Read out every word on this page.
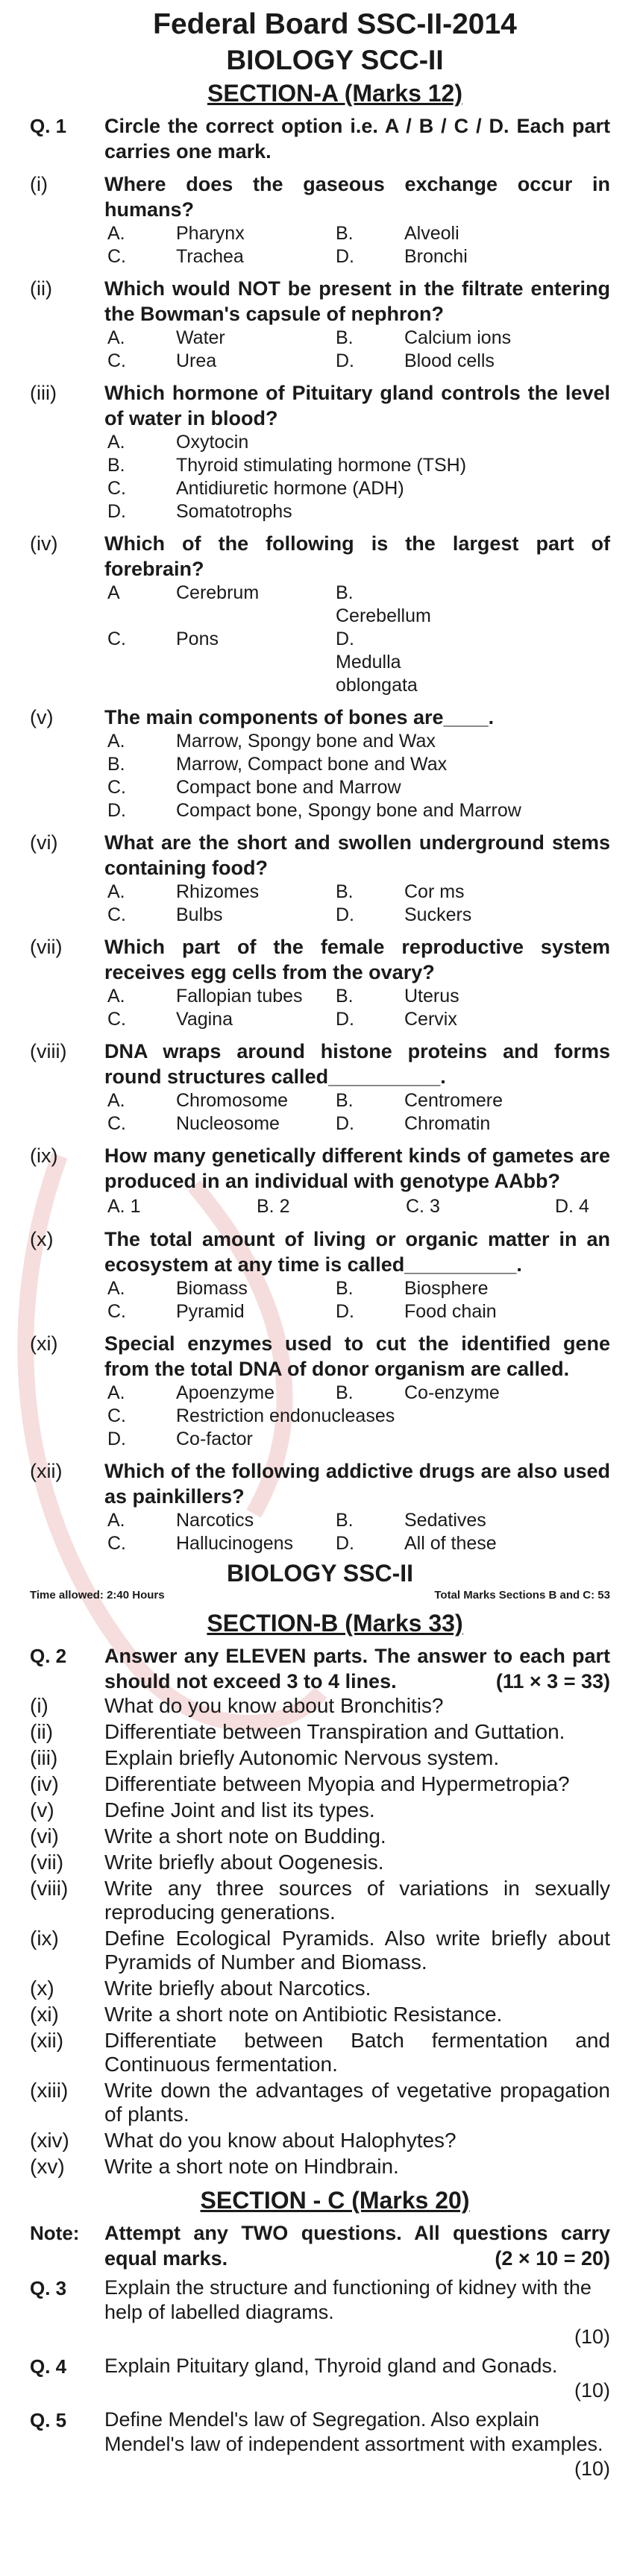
Federal Board SSC-II-2014
BIOLOGY SCC-II
SECTION-A (Marks 12)
Q. 1	Circle the correct option i.e. A / B / C / D. Each part carries one mark.
(i)	Where does the gaseous exchange occur in humans?
A.	Pharynx	B.	Alveoli
C.	Trachea	D.	Bronchi
(ii)	Which would NOT be present in the filtrate entering the Bowman's capsule of nephron?
A.	Water	B.	Calcium ions
C.	Urea	D.	Blood cells
(iii)	Which hormone of Pituitary gland controls the level of water in blood?
A.	Oxytocin
B.	Thyroid stimulating hormone (TSH)
C.	Antidiuretic hormone (ADH)
D.	Somatotrophs
(iv)	Which of the following is the largest part of forebrain?
A	Cerebrum	B. Cerebellum
C.	Pons	D. Medulla oblongata
(v)	The main components of bones are____.
A.	Marrow, Spongy bone and Wax
B.	Marrow, Compact bone and Wax
C.	Compact bone and Marrow
D.	Compact bone, Spongy bone and Marrow
(vi)	What are the short and swollen underground stems containing food?
A.	Rhizomes	B.	Cor ms
C.	Bulbs	D.	Suckers
(vii)	Which part of the female reproductive system receives egg cells from the ovary?
A.	Fallopian tubes	B.	Uterus
C.	Vagina	D.	Cervix
(viii)	DNA wraps around histone proteins and forms round structures called__________.
A.	Chromosome	B.	Centromere
C.	Nucleosome	D.	Chromatin
(ix)	How many genetically different kinds of gametes are produced in an individual with genotype AAbb?
A. 1	B. 2	C. 3	D. 4
(x)	The total amount of living or organic matter in an ecosystem at any time is called__________.
A.	Biomass	B.	Biosphere
C.	Pyramid	D.	Food chain
(xi)	Special enzymes used to cut the identified gene from the total DNA of donor organism are called.
A.	Apoenzyme	B.	Co-enzyme
C.	Restriction endonucleases
D.	Co-factor
(xii)	Which of the following addictive drugs are also used as painkillers?
A.	Narcotics	B.	Sedatives
C.	Hallucinogens	D.	All of these
BIOLOGY SSC-II
Time allowed: 2:40 Hours	Total Marks Sections B and C: 53
SECTION-B (Marks 33)
Q. 2	Answer any ELEVEN parts. The answer to each part should not exceed 3 to 4 lines.	(11 × 3 = 33)
(i)	What do you know about Bronchitis?
(ii)	Differentiate between Transpiration and Guttation.
(iii)	Explain briefly Autonomic Nervous system.
(iv)	Differentiate between Myopia and Hypermetropia?
(v)	Define Joint and list its types.
(vi)	Write a short note on Budding.
(vii)	Write briefly about Oogenesis.
(viii)	Write any three sources of variations in sexually reproducing generations.
(ix)	Define Ecological Pyramids. Also write briefly about Pyramids of Number and Biomass.
(x)	Write briefly about Narcotics.
(xi)	Write a short note on Antibiotic Resistance.
(xii)	Differentiate between Batch fermentation and Continuous fermentation.
(xiii)	Write down the advantages of vegetative propagation of plants.
(xiv)	What do you know about Halophytes?
(xv)	Write a short note on Hindbrain.
SECTION - C (Marks 20)
Note:	Attempt any TWO questions. All questions carry equal marks.	(2 × 10 = 20)
Q. 3	Explain the structure and functioning of kidney with the help of labelled diagrams.
(10)
Q. 4	Explain Pituitary gland, Thyroid gland and Gonads.
(10)
Q. 5	Define Mendel's law of Segregation. Also explain Mendel's law of independent assortment with examples.
(10)
